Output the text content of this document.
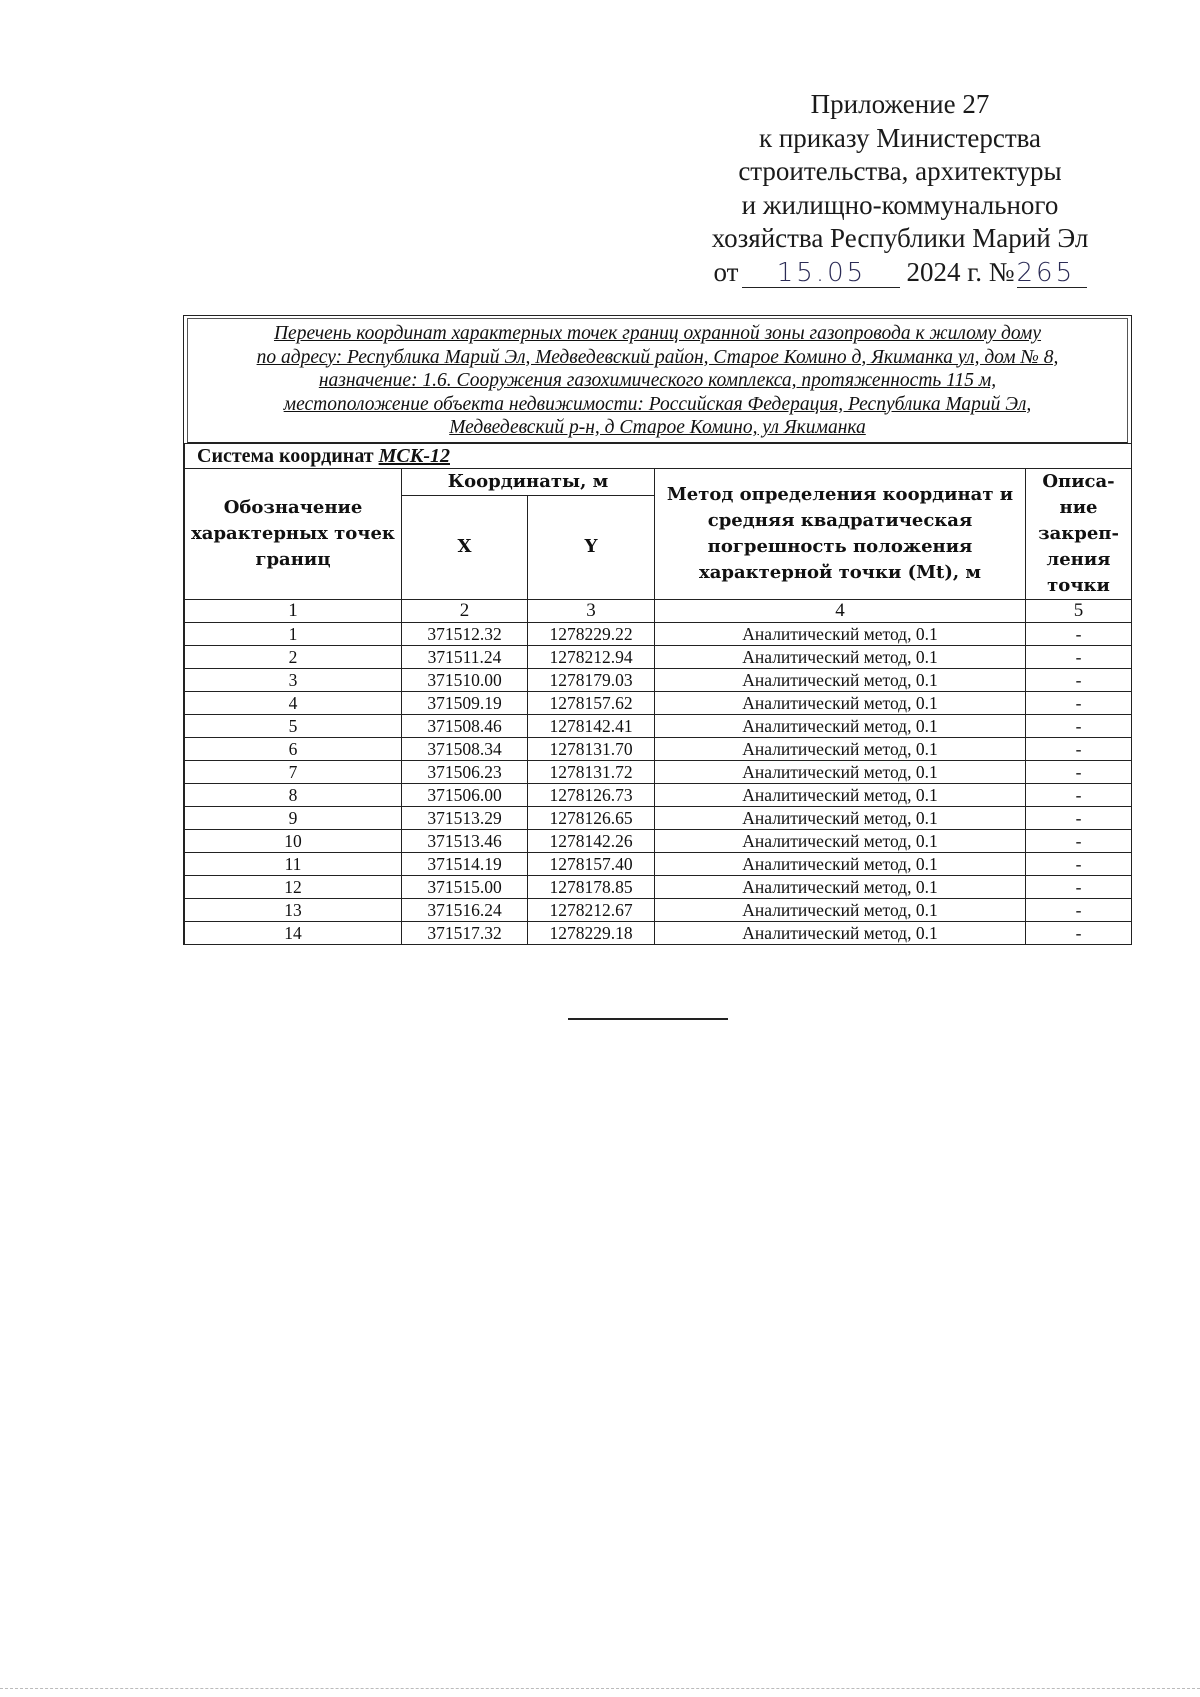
Приложение 27
к приказу Министерства
строительства, архитектуры
и жилищно-коммунального
хозяйства Республики Марий Эл
от 15.05 2024 г. №265
Перечень координат характерных точек границ охранной зоны газопровода к жилому дому
по адресу: Республика Марий Эл, Медведевский район, Старое Комино д, Якиманка ул, дом № 8,
назначение: 1.6. Сооружения газохимического комплекса, протяженность 115 м,
местоположение объекта недвижимости: Российская Федерация, Республика Марий Эл,
Медведевский р-н, д Старое Комино, ул Якиманка
Система координат МСК-12				
Обозначение характерных точек границ	Координаты, м		Метод определения координат и средняя квадратическая погрешность положения характерной точки (Mt), м	Описа-ние закреп-ления точки
	X	Y		
1	2	3	4	5
1	371512.32	1278229.22	Аналитический метод, 0.1	-
2	371511.24	1278212.94	Аналитический метод, 0.1	-
3	371510.00	1278179.03	Аналитический метод, 0.1	-
4	371509.19	1278157.62	Аналитический метод, 0.1	-
5	371508.46	1278142.41	Аналитический метод, 0.1	-
6	371508.34	1278131.70	Аналитический метод, 0.1	-
7	371506.23	1278131.72	Аналитический метод, 0.1	-
8	371506.00	1278126.73	Аналитический метод, 0.1	-
9	371513.29	1278126.65	Аналитический метод, 0.1	-
10	371513.46	1278142.26	Аналитический метод, 0.1	-
11	371514.19	1278157.40	Аналитический метод, 0.1	-
12	371515.00	1278178.85	Аналитический метод, 0.1	-
13	371516.24	1278212.67	Аналитический метод, 0.1	-
14	371517.32	1278229.18	Аналитический метод, 0.1	-
